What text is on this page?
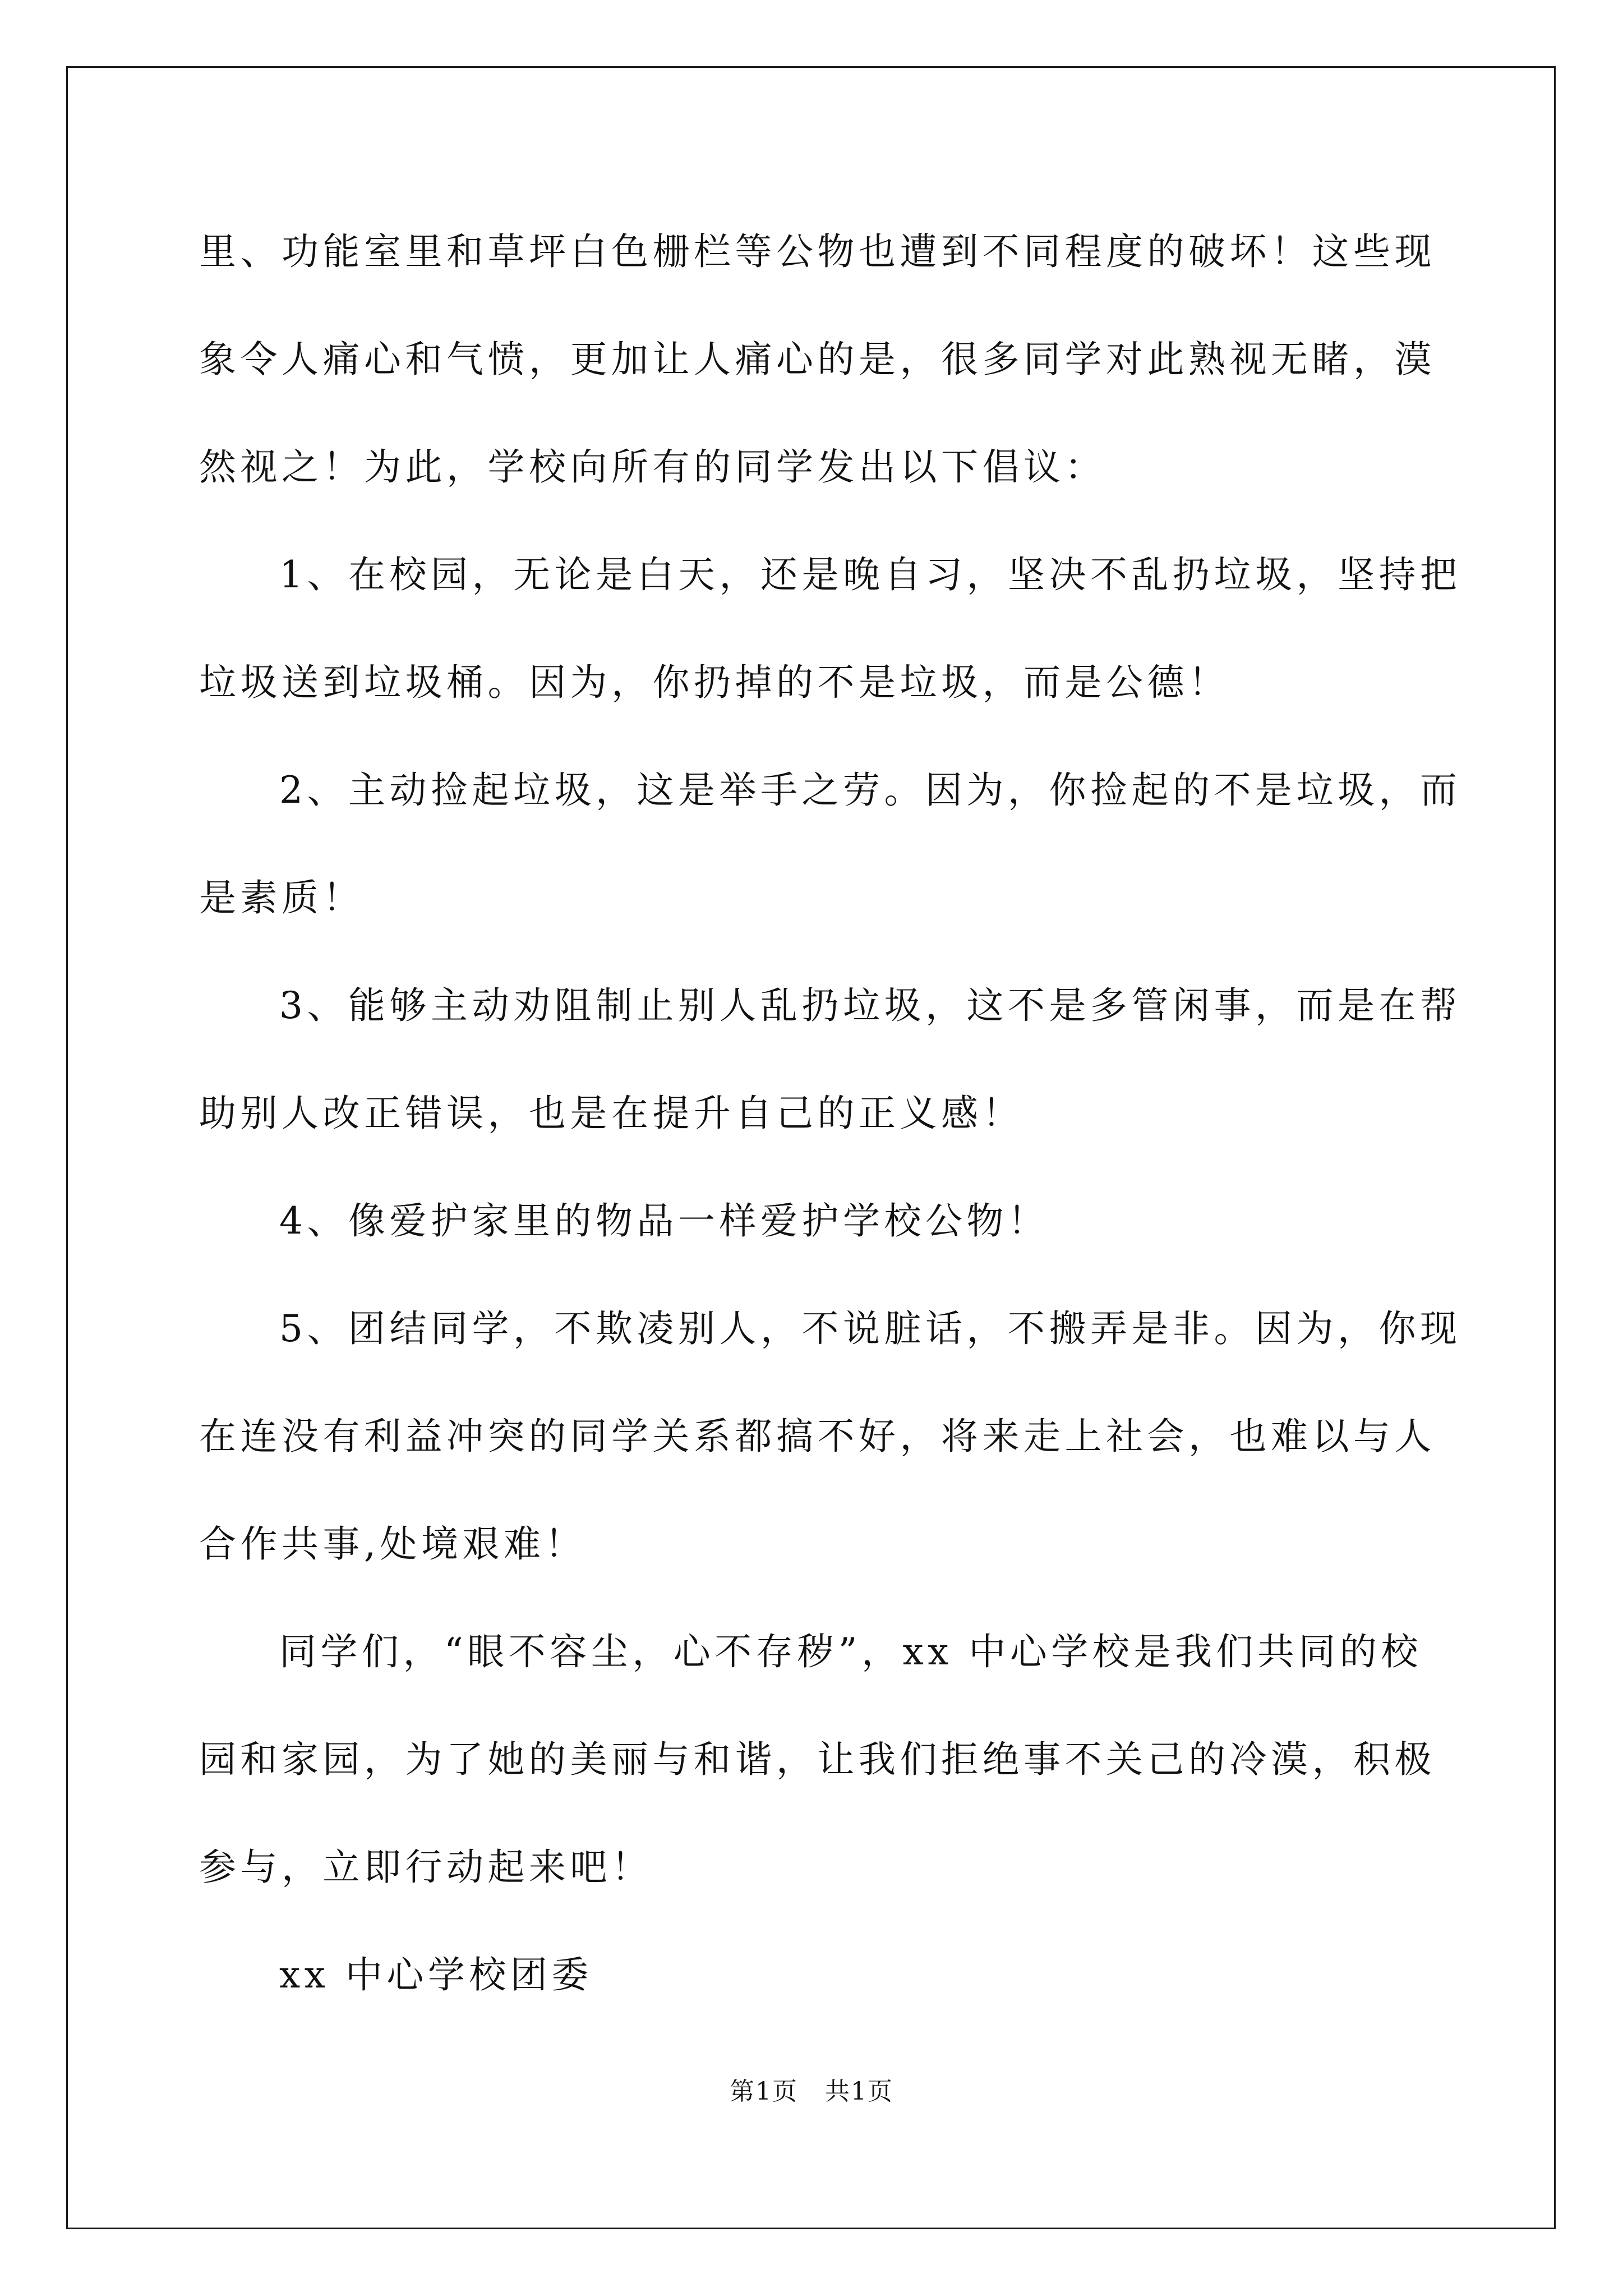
里、功能室里和草坪白色栅栏等公物也遭到不同程度的破坏！这些现
象令人痛心和气愤，更加让人痛心的是，很多同学对此熟视无睹，漠
然视之！为此，学校向所有的同学发出以下倡议：
1、在校园，无论是白天，还是晚自习，坚决不乱扔垃圾，坚持把
垃圾送到垃圾桶。因为，你扔掉的不是垃圾，而是公德！
2、主动捡起垃圾，这是举手之劳。因为，你捡起的不是垃圾，而
是素质！
3、能够主动劝阻制止别人乱扔垃圾，这不是多管闲事，而是在帮
助别人改正错误，也是在提升自己的正义感！
4、像爱护家里的物品一样爱护学校公物！
5、团结同学，不欺凌别人，不说脏话，不搬弄是非。因为，你现
在连没有利益冲突的同学关系都搞不好，将来走上社会，也难以与人
合作共事,处境艰难！
同学们，“眼不容尘，心不存秽”，xx 中心学校是我们共同的校
园和家园，为了她的美丽与和谐，让我们拒绝事不关己的冷漠，积极
参与，立即行动起来吧！
xx 中心学校团委
第1页   共1页
